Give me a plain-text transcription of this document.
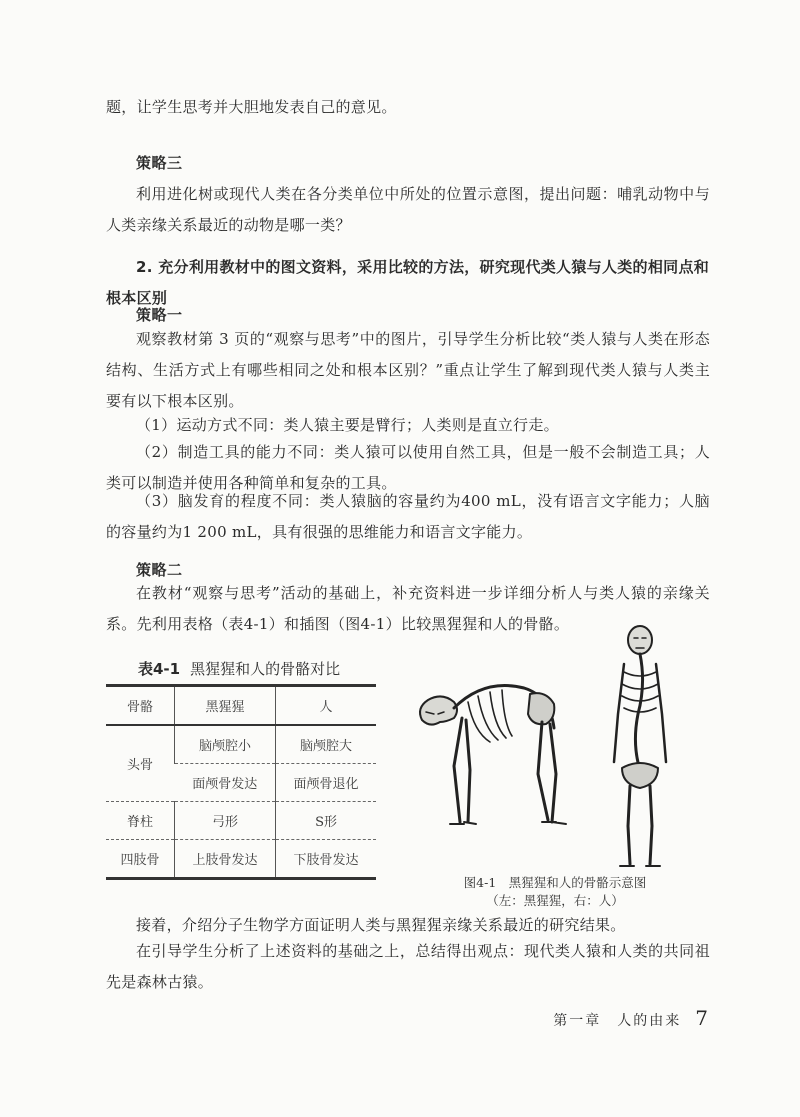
题，让学生思考并大胆地发表自己的意见。
策略三
利用进化树或现代人类在各分类单位中所处的位置示意图，提出问题：哺乳动物中与人类亲缘关系最近的动物是哪一类？
2. 充分利用教材中的图文资料，采用比较的方法，研究现代类人猿与人类的相同点和根本区别
策略一
观察教材第 3 页的“观察与思考”中的图片，引导学生分析比较“类人猿与人类在形态结构、生活方式上有哪些相同之处和根本区别？”重点让学生了解到现代类人猿与人类主要有以下根本区别。
（1）运动方式不同：类人猿主要是臂行；人类则是直立行走。
（2）制造工具的能力不同：类人猿可以使用自然工具，但是一般不会制造工具；人类可以制造并使用各种简单和复杂的工具。
（3）脑发育的程度不同：类人猿脑的容量约为400 mL，没有语言文字能力；人脑的容量约为1 200 mL，具有很强的思维能力和语言文字能力。
策略二
在教材“观察与思考”活动的基础上，补充资料进一步详细分析人与类人猿的亲缘关系。先利用表格（表4-1）和插图（图4-1）比较黑猩猩和人的骨骼。
表4-1 黑猩猩和人的骨骼对比
骨骼	黑猩猩	人
头骨	脑颅腔小	脑颅腔大
	面颅骨发达	面颅骨退化
脊柱	弓形	S形
四肢骨	上肢骨发达	下肢骨发达
图4-1　黑猩猩和人的骨骼示意图
（左：黑猩猩，右：人）
接着，介绍分子生物学方面证明人类与黑猩猩亲缘关系最近的研究结果。
在引导学生分析了上述资料的基础之上，总结得出观点：现代类人猿和人类的共同祖先是森林古猿。
第一章　人的由来 7
